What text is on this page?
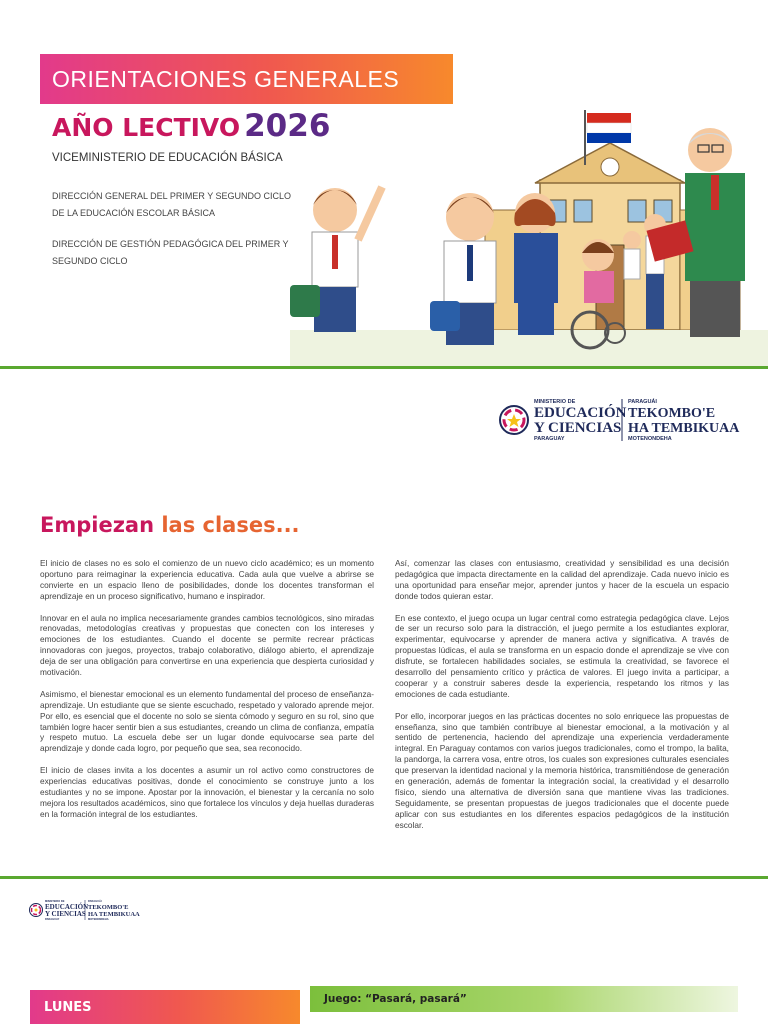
ORIENTACIONES GENERALES
AÑO LECTIVO 2026
VICEMINISTERIO DE EDUCACIÓN BÁSICA
DIRECCIÓN GENERAL DEL PRIMER Y SEGUNDO CICLO DE LA EDUCACIÓN ESCOLAR BÁSICA
DIRECCIÓN DE GESTIÓN PEDAGÓGICA DEL PRIMER Y SEGUNDO CICLO
MINISTERIO DE
EDUCACIÓN
Y CIENCIAS
PARAGUAY
PARAGUÁI
TEKOMBO'E
HA TEMBIKUAA
MOTENONDEHA
Empiezan las clases...

El inicio de clases no es solo el comienzo de un nuevo ciclo académico; es un momento oportuno para reimaginar la experiencia educativa. Cada aula que vuelve a abrirse se convierte en un espacio lleno de posibilidades, donde los docentes transforman el aprendizaje en un proceso significativo, humano e inspirador.

Innovar en el aula no implica necesariamente grandes cambios tecnológicos, sino miradas renovadas, metodologías creativas y propuestas que conecten con los intereses y emociones de los estudiantes. Cuando el docente se permite recrear prácticas innovadoras con juegos, proyectos, trabajo colaborativo, diálogo abierto, el aprendizaje deja de ser una obligación para convertirse en una experiencia que despierta curiosidad y motivación.

Asimismo, el bienestar emocional es un elemento fundamental del proceso de enseñanza-aprendizaje. Un estudiante que se siente escuchado, respetado y valorado aprende mejor. Por ello, es esencial que el docente no solo se sienta cómodo y seguro en su rol, sino que también logre hacer sentir bien a sus estudiantes, creando un clima de confianza, empatía y respeto mutuo. La escuela debe ser un lugar donde equivocarse sea parte del aprendizaje y donde cada logro, por pequeño que sea, sea reconocido.

El inicio de clases invita a los docentes a asumir un rol activo como constructores de experiencias educativas positivas, donde el conocimiento se construye junto a los estudiantes y no se impone. Apostar por la innovación, el bienestar y la cercanía no solo mejora los resultados académicos, sino que fortalece los vínculos y deja huellas duraderas en la formación integral de los estudiantes.

Así, comenzar las clases con entusiasmo, creatividad y sensibilidad es una decisión pedagógica que impacta directamente en la calidad del aprendizaje. Cada nuevo inicio es una oportunidad para enseñar mejor, aprender juntos y hacer de la escuela un espacio donde todos quieran estar.

En ese contexto, el juego ocupa un lugar central como estrategia pedagógica clave. Lejos de ser un recurso solo para la distracción, el juego permite a los estudiantes explorar, experimentar, equivocarse y aprender de manera activa y significativa. A través de propuestas lúdicas, el aula se transforma en un espacio donde el aprendizaje se vive con disfrute, se fortalecen habilidades sociales, se estimula la creatividad, se favorece el desarrollo del pensamiento crítico y práctica de valores. El juego invita a participar, a cooperar y a construir saberes desde la experiencia, respetando los ritmos y las emociones de cada estudiante.

Por ello, incorporar juegos en las prácticas docentes no solo enriquece las propuestas de enseñanza, sino que también contribuye al bienestar emocional, a la motivación y al sentido de pertenencia, haciendo del aprendizaje una experiencia verdaderamente integral. En Paraguay contamos con varios juegos tradicionales, como el trompo, la balita, la pandorga, la carrera vosa, entre otros, los cuales son expresiones culturales esenciales que preservan la identidad nacional y la memoria histórica, transmitiéndose de generación en generación, además de fomentar la integración social, la creatividad y el desarrollo físico, siendo una alternativa de diversión sana que mantiene vivas las tradiciones. Seguidamente, se presentan propuestas de juegos tradicionales que el docente puede aplicar con sus estudiantes en los diferentes espacios pedagógicos de la institución escolar.

MINISTERIO DE
EDUCACIÓN
Y CIENCIAS
PARAGUAY
PARAGUÁI
TEKOMBO'E
HA TEMBIKUAA
MOTENONDEHA
LUNES
Juego: “Pasará, pasará”
